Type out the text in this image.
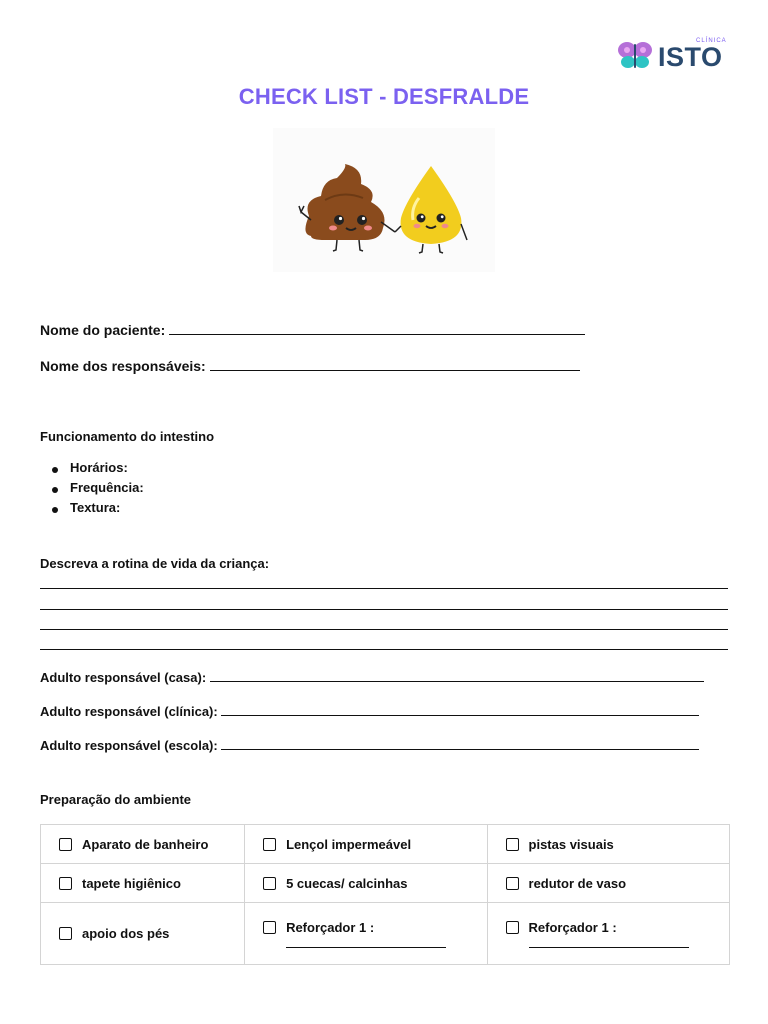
CLÍNICA
ISTO
CHECK LIST - DESFRALDE
Nome do paciente:
Nome dos responsáveis:
Funcionamento do intestino
Horários:
Frequência:
Textura:
Descreva a rotina de vida da criança:
Adulto responsável (casa):
Adulto responsável (clínica):
Adulto responsável (escola):
Preparação do ambiente
Aparato de banheiro	Lençol impermeável	pistas visuais
tapete higiênico	5 cuecas/ calcinhas	redutor de vaso
apoio dos pés	Reforçador 1 :	Reforçador 1 :
